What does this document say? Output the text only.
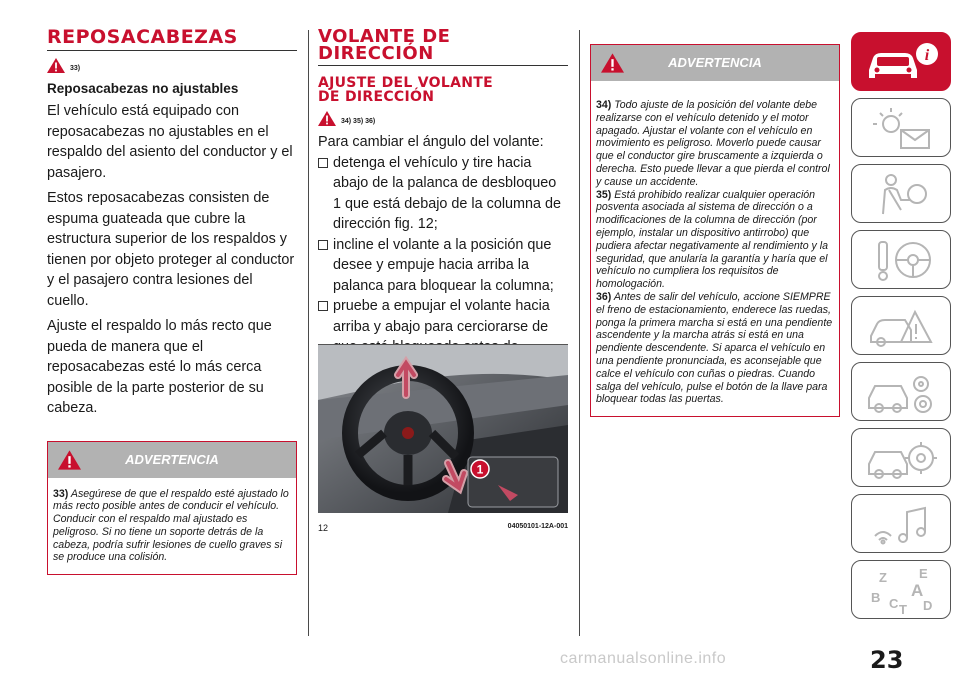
REPOSACABEZAS
33)
Reposacabezas no ajustables

El vehículo está equipado con reposacabezas no ajustables en el respaldo del asiento del conductor y el pasajero.

Estos reposacabezas consisten de espuma guateada que cubre la estructura superior de los respaldos y tienen por objeto proteger al conductor y el pasajero contra lesiones del cuello.

Ajuste el respaldo lo más recto que pueda de manera que el reposacabezas esté lo más cerca posible de la parte posterior de su cabeza.

ADVERTENCIA
33) Asegúrese de que el respaldo esté ajustado lo más recto posible antes de conducir el vehículo. Conducir con el respaldo mal ajustado es peligroso. Si no tiene un soporte detrás de la cabeza, podría sufrir lesiones de cuello graves si se produce una colisión.
VOLANTE DE
DIRECCIÓN
AJUSTE DEL VOLANTE
DE DIRECCIÓN
34) 35) 36)

Para cambiar el ángulo del volante:

detenga el vehículo y tire hacia abajo de la palanca de desbloqueo 1 que está debajo de la columna de dirección fig. 12;
incline el volante a la posición que desee y empuje hacia arriba la palanca para bloquear la columna;
pruebe a empujar el volante hacia arriba y abajo para cerciorarse de
1
12	04050101-12A-001
ADVERTENCIA
34) Todo ajuste de la posición del volante debe realizarse con el vehículo detenido y el motor apagado. Ajustar el volante con el vehículo en movimiento es peligroso. Moverlo puede causar que el conductor gire bruscamente a izquierda o derecha. Esto puede llevar a que pierda el control y cause un accidente.
35) Está prohibido realizar cualquier operación posventa asociada al sistema de dirección o a modificaciones de la columna de dirección (por ejemplo, instalar un dispositivo antirrobo) que pudiera afectar negativamente al rendimiento y la seguridad, que anularía la garantía y haría que el vehículo no cumpliera los requisitos de homologación.
36) Antes de salir del vehículo, accione SIEMPRE el freno de estacionamiento, enderece las ruedas, ponga la primera marcha si está en una pendiente ascendente y la marcha atrás si está en una pendiente descendente. Si aparca el vehículo en una pendiente pronunciada, es aconsejable que calce el vehículo con cuñas o piedras. Cuando salga del vehículo, pulse el botón de la llave para bloquear todas las puertas.
i
Z E
B A
C D
T
carmanualsonline.info	23
